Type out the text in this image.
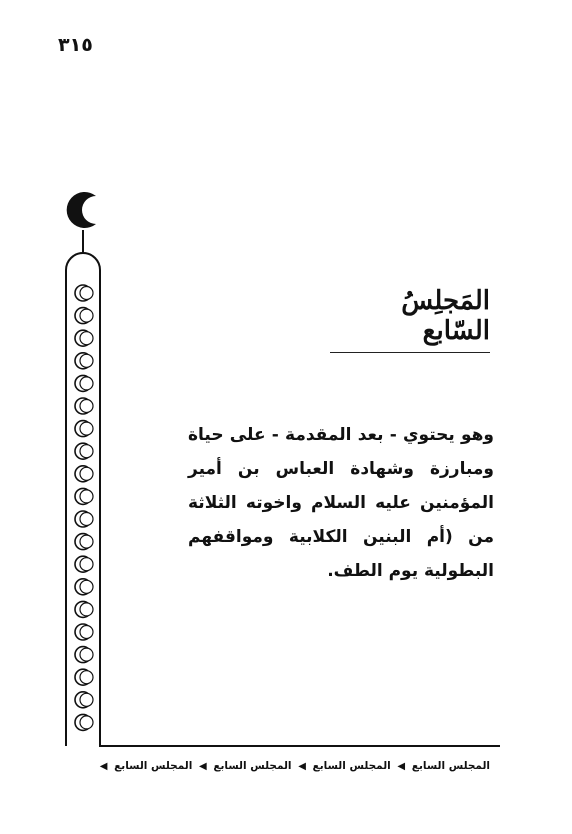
٣١٥
المَجلِسُ السّابع
وهو يحتوي - بعد المقدمة - على حياة ومبارزة وشهادة العباس بن أمير المؤمنين عليه السلام واخوته الثلاثة من (أم البنين الكلابية ومواقفهم البطولية يوم الطف.
المجلس السابع ◀ المجلس السابع ◀ المجلس السابع ◀ المجلس السابع ◀
